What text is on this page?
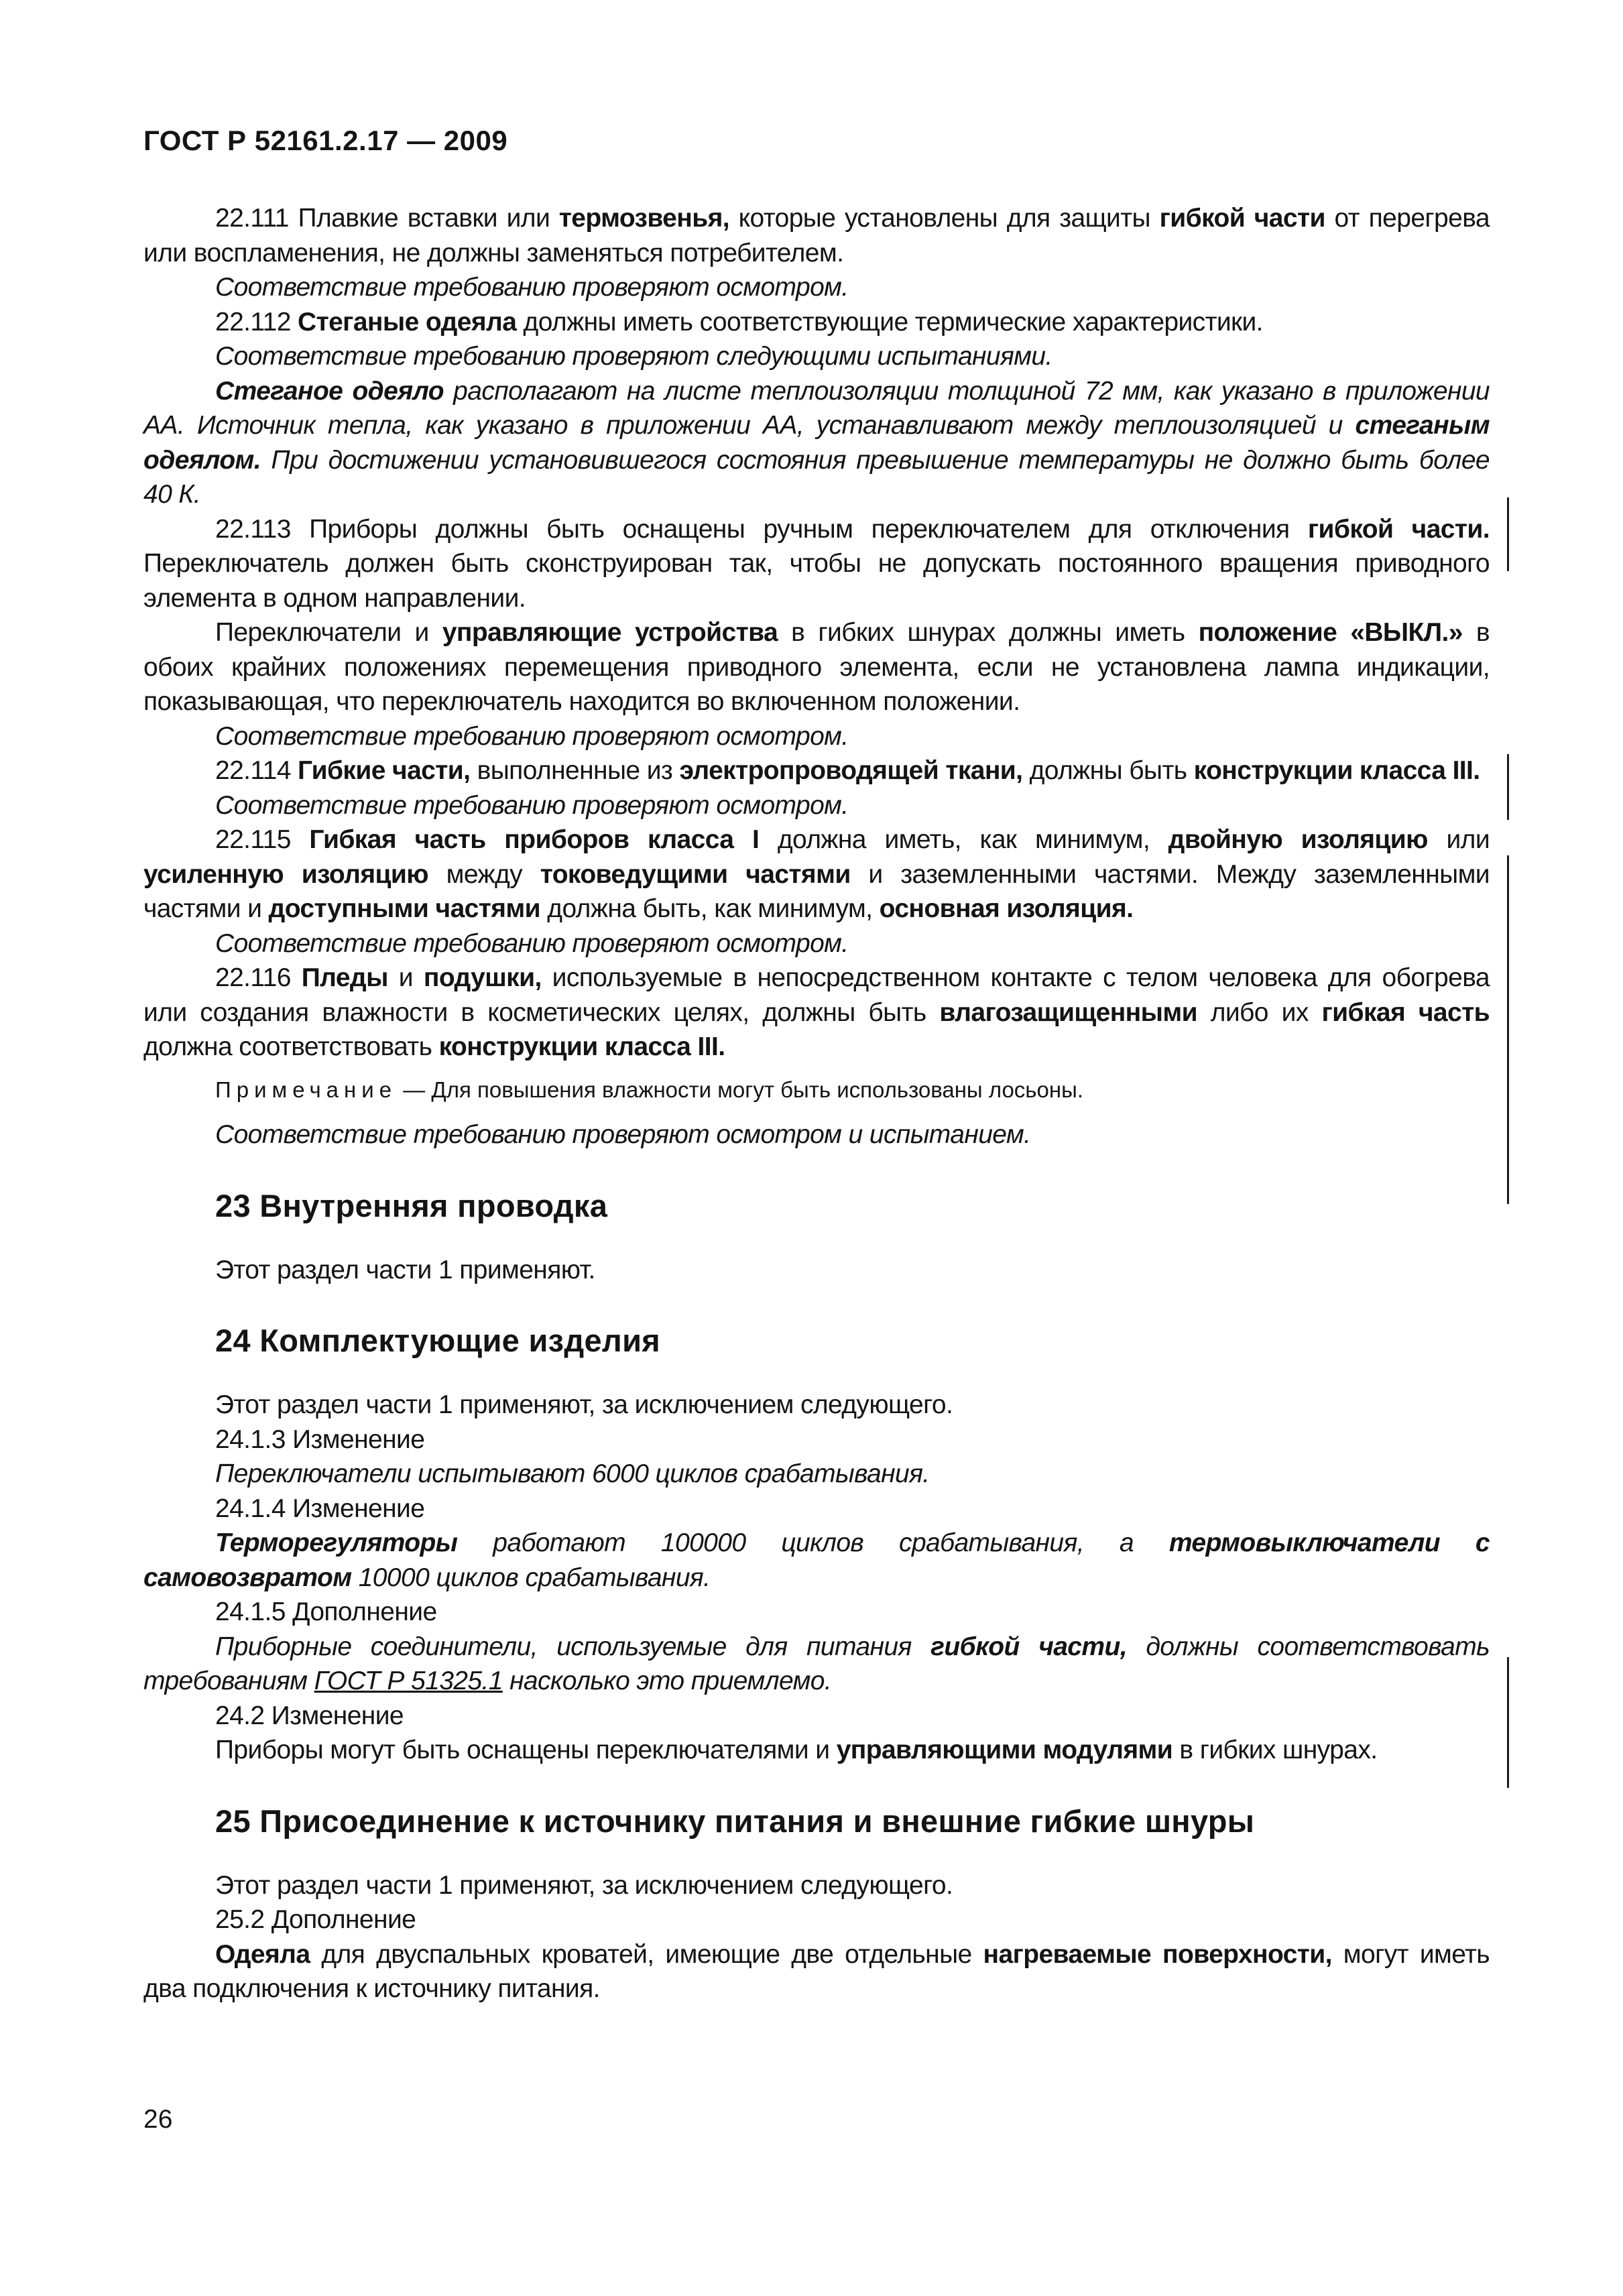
ГОСТ Р 52161.2.17 — 2009

22.111 Плавкие вставки или термозвенья, которые установлены для защиты гибкой части от перегрева или воспламенения, не должны заменяться потребителем.

Соответствие требованию проверяют осмотром.

22.112 Стеганые одеяла должны иметь соответствующие термические характеристики.

Соответствие требованию проверяют следующими испытаниями.

Стеганое одеяло располагают на листе теплоизоляции толщиной 72 мм, как указано в приложении АА. Источник тепла, как указано в приложении АА, устанавливают между теплоизоляцией и стеганым одеялом. При достижении установившегося состояния превышение температуры не должно быть более 40 К.

22.113 Приборы должны быть оснащены ручным переключателем для отключения гибкой части. Переключатель должен быть сконструирован так, чтобы не допускать постоянного вращения приводного элемента в одном направлении.

Переключатели и управляющие устройства в гибких шнурах должны иметь положение «ВЫКЛ.» в обоих крайних положениях перемещения приводного элемента, если не установлена лампа индикации, показывающая, что переключатель находится во включенном положении.

Соответствие требованию проверяют осмотром.

22.114 Гибкие части, выполненные из электропроводящей ткани, должны быть конструкции класса III.

Соответствие требованию проверяют осмотром.

22.115 Гибкая часть приборов класса I должна иметь, как минимум, двойную изоляцию или усиленную изоляцию между токоведущими частями и заземленными частями. Между заземленными частями и доступными частями должна быть, как минимум, основная изоляция.

Соответствие требованию проверяют осмотром.

22.116 Пледы и подушки, используемые в непосредственном контакте с телом человека для обогрева или создания влажности в косметических целях, должны быть влагозащищенными либо их гибкая часть должна соответствовать конструкции класса III.

Примечание — Для повышения влажности могут быть использованы лосьоны.

Соответствие требованию проверяют осмотром и испытанием.

23 Внутренняя проводка

Этот раздел части 1 применяют.

24 Комплектующие изделия

Этот раздел части 1 применяют, за исключением следующего.

24.1.3 Изменение

Переключатели испытывают 6000 циклов срабатывания.

24.1.4 Изменение

Терморегуляторы работают 100000 циклов срабатывания, а термовыключатели с самовозвратом 10000 циклов срабатывания.

24.1.5 Дополнение

Приборные соединители, используемые для питания гибкой части, должны соответствовать требованиям ГОСТ Р 51325.1 насколько это приемлемо.

24.2 Изменение

Приборы могут быть оснащены переключателями и управляющими модулями в гибких шнурах.

25 Присоединение к источнику питания и внешние гибкие шнуры

Этот раздел части 1 применяют, за исключением следующего.

25.2 Дополнение

Одеяла для двуспальных кроватей, имеющие две отдельные нагреваемые поверхности, могут иметь два подключения к источнику питания.

26
